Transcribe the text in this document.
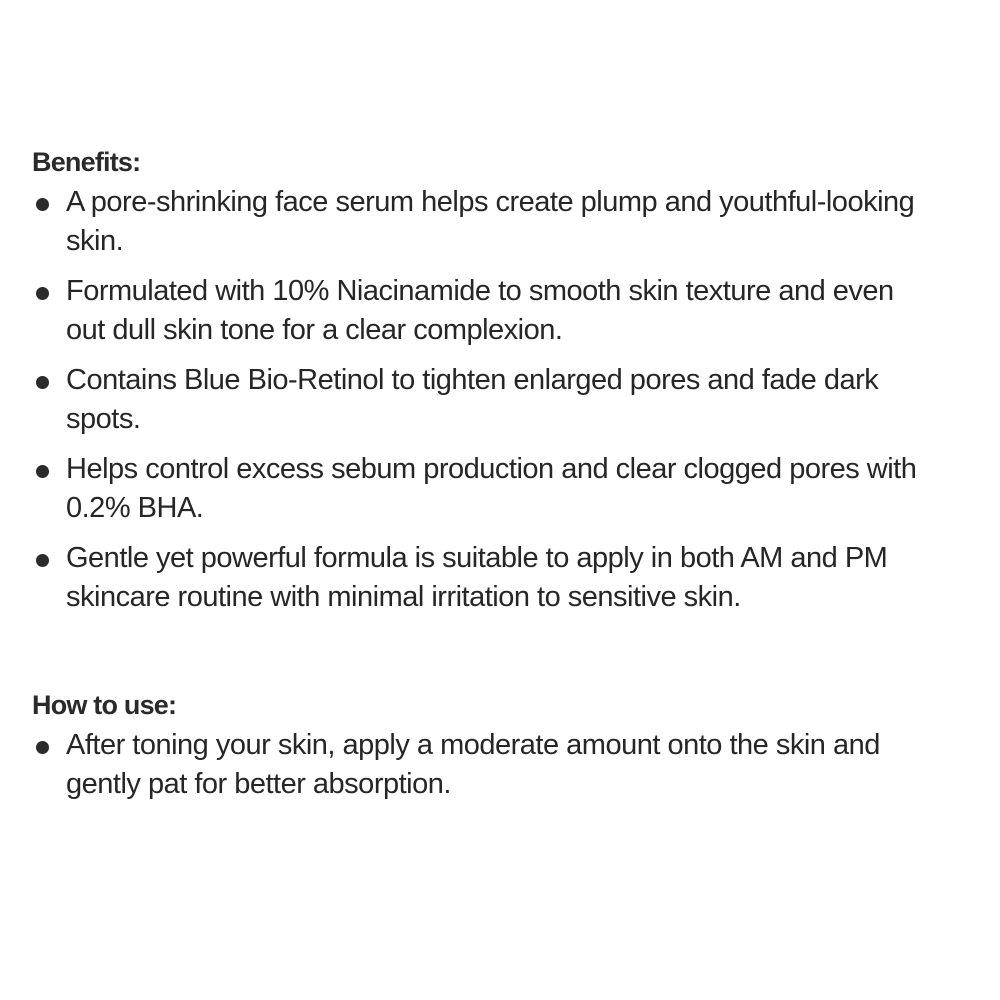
Benefits:
A pore-shrinking face serum helps create plump and youthful-looking
skin.
Formulated with 10% Niacinamide to smooth skin texture and even
out dull skin tone for a clear complexion.
Contains Blue Bio-Retinol to tighten enlarged pores and fade dark
spots.
Helps control excess sebum production and clear clogged pores with
0.2% BHA.
Gentle yet powerful formula is suitable to apply in both AM and PM
skincare routine with minimal irritation to sensitive skin.
How to use:
After toning your skin, apply a moderate amount onto the skin and
gently pat for better absorption.
